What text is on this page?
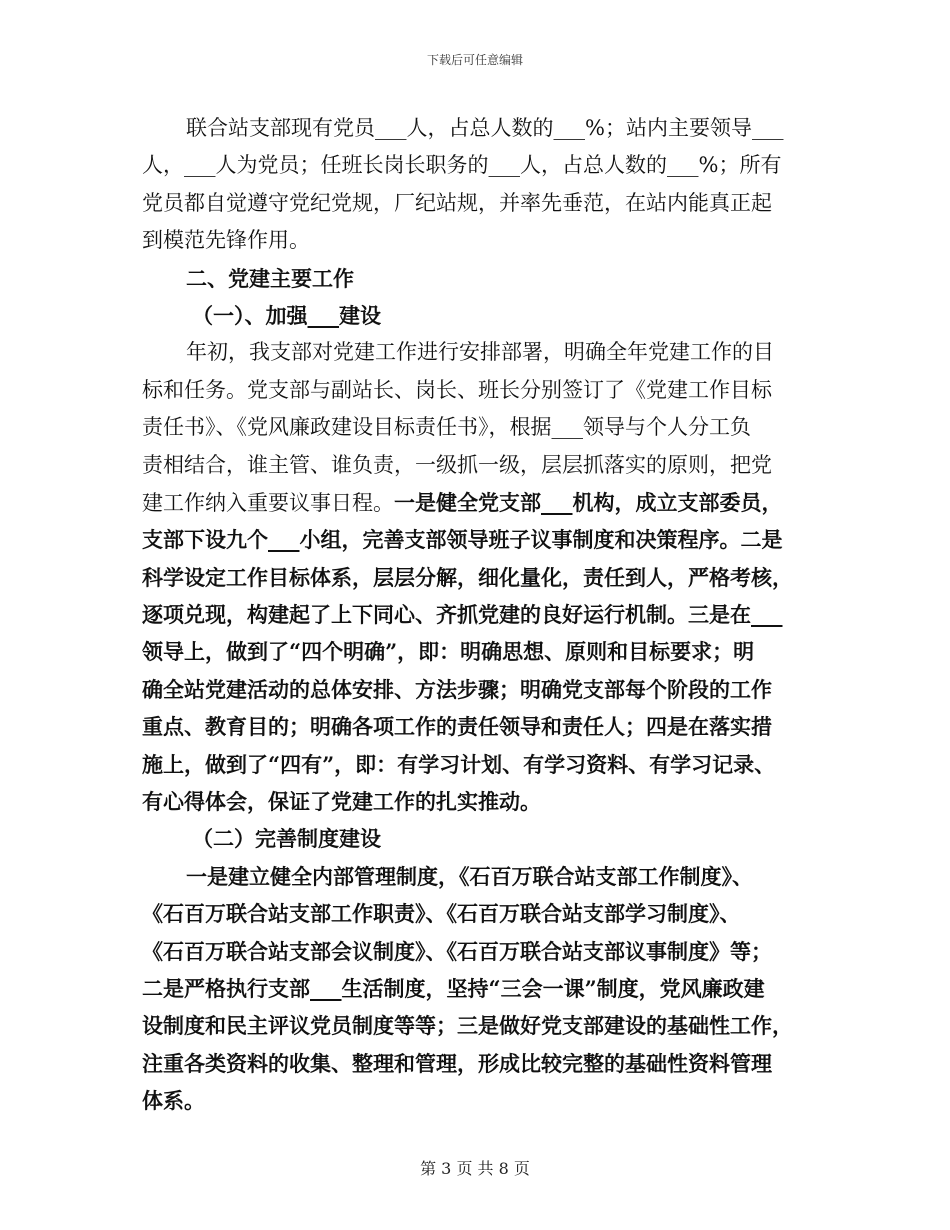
下载后可任意编辑
联合站支部现有党员___人，占总人数的___%；站内主要领导___
人，___人为党员；任班长岗长职务的___人，占总人数的___%；所有
党员都自觉遵守党纪党规，厂纪站规，并率先垂范，在站内能真正起
到模范先锋作用。
二、党建主要工作
（一）、加强___建设
年初，我支部对党建工作进行安排部署，明确全年党建工作的目
标和任务。党支部与副站长、岗长、班长分别签订了《党建工作目标
责任书》、《党风廉政建设目标责任书》，根据___领导与个人分工负
责相结合，谁主管、谁负责，一级抓一级，层层抓落实的原则，把党
建工作纳入重要议事日程。一是健全党支部___机构，成立支部委员，
支部下设九个___小组，完善支部领导班子议事制度和决策程序。二是
科学设定工作目标体系，层层分解，细化量化，责任到人，严格考核，
逐项兑现，构建起了上下同心、齐抓党建的良好运行机制。三是在___
领导上，做到了“四个明确”，即：明确思想、原则和目标要求；明
确全站党建活动的总体安排、方法步骤；明确党支部每个阶段的工作
重点、教育目的；明确各项工作的责任领导和责任人；四是在落实措
施上，做到了“四有”，即：有学习计划、有学习资料、有学习记录、
有心得体会，保证了党建工作的扎实推动。
（二）完善制度建设
一是建立健全内部管理制度，《石百万联合站支部工作制度》、
《石百万联合站支部工作职责》、《石百万联合站支部学习制度》、
《石百万联合站支部会议制度》、《石百万联合站支部议事制度》等；
二是严格执行支部___生活制度，坚持“三会一课”制度，党风廉政建
设制度和民主评议党员制度等等；三是做好党支部建设的基础性工作，
注重各类资料的收集、整理和管理，形成比较完整的基础性资料管理
体系。
第 3 页 共 8 页
